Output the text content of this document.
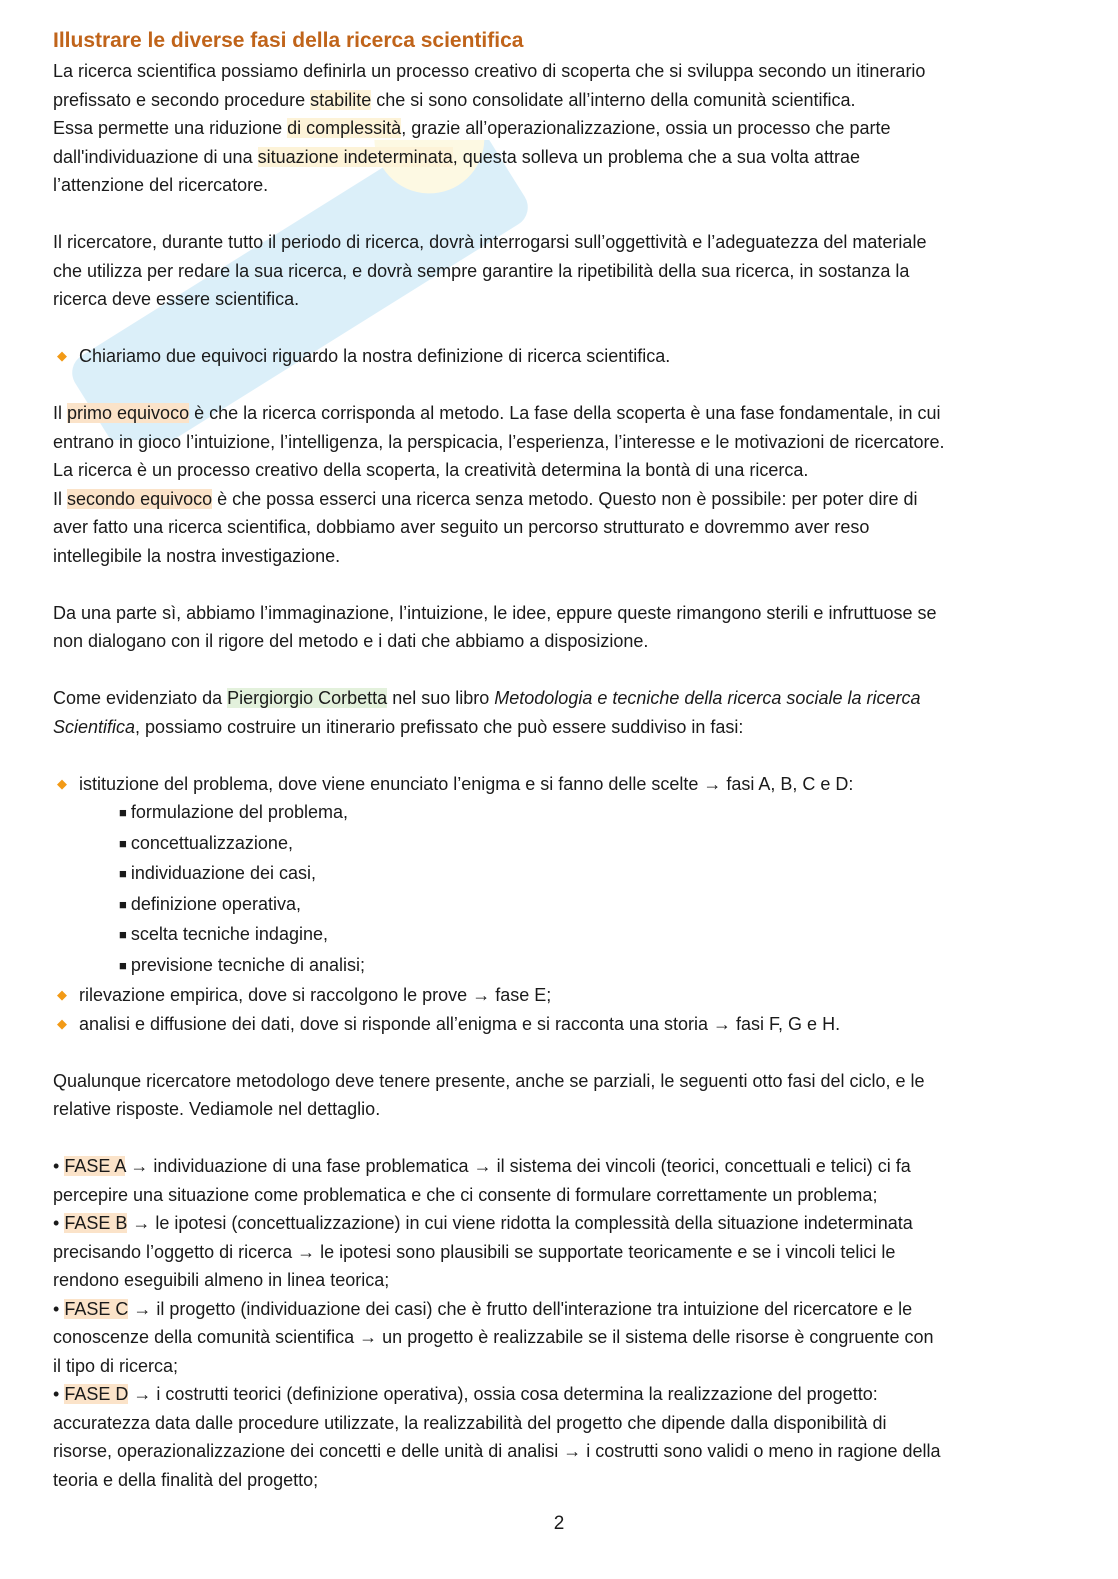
Illustrare le diverse fasi della ricerca scientifica

La ricerca scientifica possiamo definirla un processo creativo di scoperta che si sviluppa secondo un itinerario

prefissato e secondo procedure stabilite che si sono consolidate all’interno della comunità scientifica.

Essa permette una riduzione di complessità, grazie all’operazionalizzazione, ossia un processo che parte

dall'individuazione di una situazione indeterminata, questa solleva un problema che a sua volta attrae

l’attenzione del ricercatore.

Il ricercatore, durante tutto il periodo di ricerca, dovrà interrogarsi sull’oggettività e l’adeguatezza del materiale

che utilizza per redare la sua ricerca, e dovrà sempre garantire la ripetibilità della sua ricerca, in sostanza la

ricerca deve essere scientifica.

◆ Chiariamo due equivoci riguardo la nostra definizione di ricerca scientifica.

Il primo equivoco è che la ricerca corrisponda al metodo. La fase della scoperta è una fase fondamentale, in cui

entrano in gioco l’intuizione, l’intelligenza, la perspicacia, l’esperienza, l’interesse e le motivazioni de ricercatore.

La ricerca è un processo creativo della scoperta, la creatività determina la bontà di una ricerca.

Il secondo equivoco è che possa esserci una ricerca senza metodo. Questo non è possibile: per poter dire di

aver fatto una ricerca scientifica, dobbiamo aver seguito un percorso strutturato e dovremmo aver reso

intellegibile la nostra investigazione.

Da una parte sì, abbiamo l’immaginazione, l’intuizione, le idee, eppure queste rimangono sterili e infruttuose se

non dialogano con il rigore del metodo e i dati che abbiamo a disposizione.

Come evidenziato da Piergiorgio Corbetta nel suo libro Metodologia e tecniche della ricerca sociale la ricerca

Scientifica, possiamo costruire un itinerario prefissato che può essere suddiviso in fasi:

◆ istituzione del problema, dove viene enunciato l’enigma e si fanno delle scelte → fasi A, B, C e D:

■ formulazione del problema,

■ concettualizzazione,

■ individuazione dei casi,

■ definizione operativa,

■ scelta tecniche indagine,

■ previsione tecniche di analisi;

◆ rilevazione empirica, dove si raccolgono le prove → fase E;

◆ analisi e diffusione dei dati, dove si risponde all’enigma e si racconta una storia → fasi F, G e H.

Qualunque ricercatore metodologo deve tenere presente, anche se parziali, le seguenti otto fasi del ciclo, e le

relative risposte. Vediamole nel dettaglio.

• FASE A → individuazione di una fase problematica → il sistema dei vincoli (teorici, concettuali e telici) ci fa

percepire una situazione come problematica e che ci consente di formulare correttamente un problema;

• FASE B → le ipotesi (concettualizzazione) in cui viene ridotta la complessità della situazione indeterminata

precisando l’oggetto di ricerca → le ipotesi sono plausibili se supportate teoricamente e se i vincoli telici le

rendono eseguibili almeno in linea teorica;

• FASE C → il progetto (individuazione dei casi) che è frutto dell'interazione tra intuizione del ricercatore e le

conoscenze della comunità scientifica → un progetto è realizzabile se il sistema delle risorse è congruente con

il tipo di ricerca;

• FASE D → i costrutti teorici (definizione operativa), ossia cosa determina la realizzazione del progetto:

accuratezza data dalle procedure utilizzate, la realizzabilità del progetto che dipende dalla disponibilità di

risorse, operazionalizzazione dei concetti e delle unità di analisi → i costrutti sono validi o meno in ragione della

teoria e della finalità del progetto;

2
